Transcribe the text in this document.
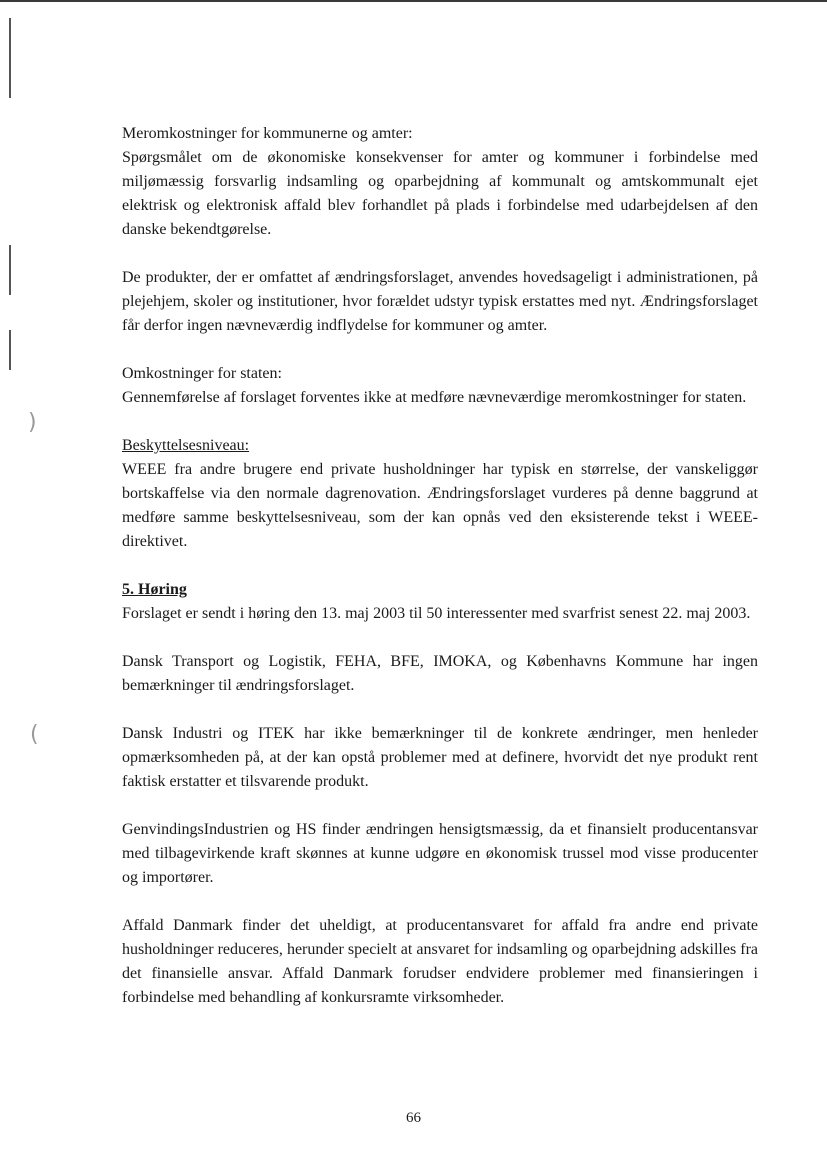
)
(

Meromkostninger for kommunerne og amter:
Spørgsmålet om de økonomiske konsekvenser for amter og kommuner i forbindelse med miljømæssig forsvarlig indsamling og oparbejdning af kommunalt og amtskommunalt ejet elektrisk og elektronisk affald blev forhandlet på plads i forbindelse med udarbejdelsen af den danske bekendtgørelse.

De produkter, der er omfattet af ændringsforslaget, anvendes hovedsageligt i administrationen, på plejehjem, skoler og institutioner, hvor forældet udstyr typisk erstattes med nyt. Ændringsforslaget får derfor ingen nævneværdig indflydelse for kommuner og amter.

Omkostninger for staten:
Gennemførelse af forslaget forventes ikke at medføre nævneværdige meromkostninger for staten.

Beskyttelsesniveau:
WEEE fra andre brugere end private husholdninger har typisk en størrelse, der vanskeliggør bortskaffelse via den normale dagrenovation. Ændringsforslaget vurderes på denne baggrund at medføre samme beskyttelsesniveau, som der kan opnås ved den eksisterende tekst i WEEE-direktivet.

5. Høring
Forslaget er sendt i høring den 13. maj 2003 til 50 interessenter med svarfrist senest 22. maj 2003.

Dansk Transport og Logistik, FEHA, BFE, IMOKA, og Københavns Kommune har ingen bemærkninger til ændringsforslaget.

Dansk Industri og ITEK har ikke bemærkninger til de konkrete ændringer, men henleder opmærksomheden på, at der kan opstå problemer med at definere, hvorvidt det nye produkt rent faktisk erstatter et tilsvarende produkt.

GenvindingsIndustrien og HS finder ændringen hensigtsmæssig, da et finansielt producentansvar med tilbagevirkende kraft skønnes at kunne udgøre en økonomisk trussel mod visse producenter og importører.

Affald Danmark finder det uheldigt, at producentansvaret for affald fra andre end private husholdninger reduceres, herunder specielt at ansvaret for indsamling og oparbejdning adskilles fra det finansielle ansvar. Affald Danmark forudser endvidere problemer med finansieringen i forbindelse med behandling af konkursramte virksomheder.

66
